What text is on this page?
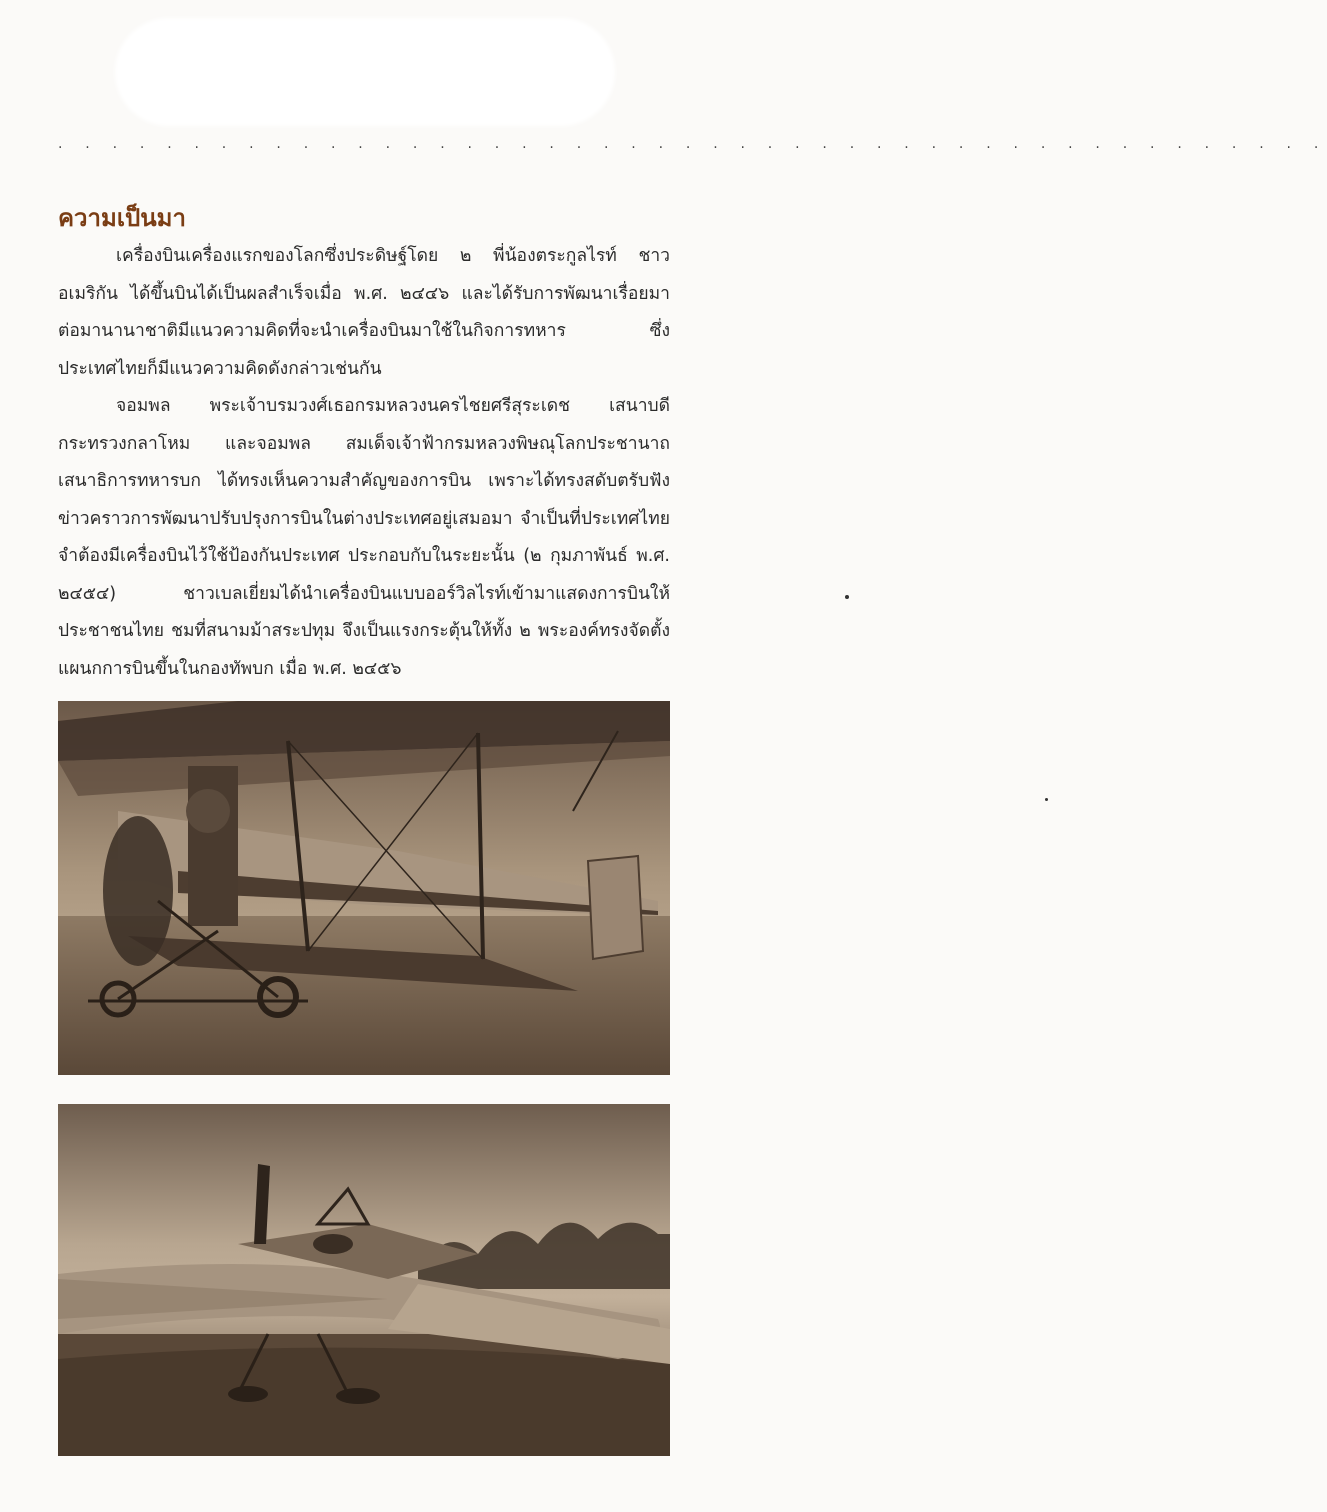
. . . . . . . . . . . . . . . . . . . . . . . . . . . . . . . . . . . . . . . . . . . . . . .
ความเป็นมา

เครื่องบินเครื่องแรกของโลกซึ่งประดิษฐ์โดย ๒ พี่น้องตระกูลไรท์ ชาวอเมริกัน ได้ขึ้นบินได้เป็นผลสำเร็จเมื่อ พ.ศ. ๒๔๔๖ และได้รับการพัฒนาเรื่อยมา ต่อมานานาชาติมีแนวความคิดที่จะนำเครื่องบินมาใช้ในกิจการทหาร ซึ่งประเทศไทยก็มีแนวความคิดดังกล่าวเช่นกัน

จอมพล พระเจ้าบรมวงศ์เธอกรมหลวงนครไชยศรีสุระเดช เสนาบดีกระทรวงกลาโหม และจอมพล สมเด็จเจ้าฟ้ากรมหลวงพิษณุโลกประชานาถ เสนาธิการทหารบก ได้ทรงเห็นความสำคัญของการบิน เพราะได้ทรงสดับตรับฟังข่าวคราวการพัฒนาปรับปรุงการบินในต่างประเทศอยู่เสมอมา จำเป็นที่ประเทศไทยจำต้องมีเครื่องบินไว้ใช้ป้องกันประเทศ ประกอบกับในระยะนั้น (๒ กุมภาพันธ์ พ.ศ. ๒๔๕๔) ชาวเบลเยี่ยมได้นำเครื่องบินแบบออร์วิลไรท์เข้ามาแสดงการบินให้ประชาชนไทย ชมที่สนามม้าสระปทุม จึงเป็นแรงกระตุ้นให้ทั้ง ๒ พระองค์ทรงจัดตั้งแผนกการบินขึ้นในกองทัพบก เมื่อ พ.ศ. ๒๔๕๖
